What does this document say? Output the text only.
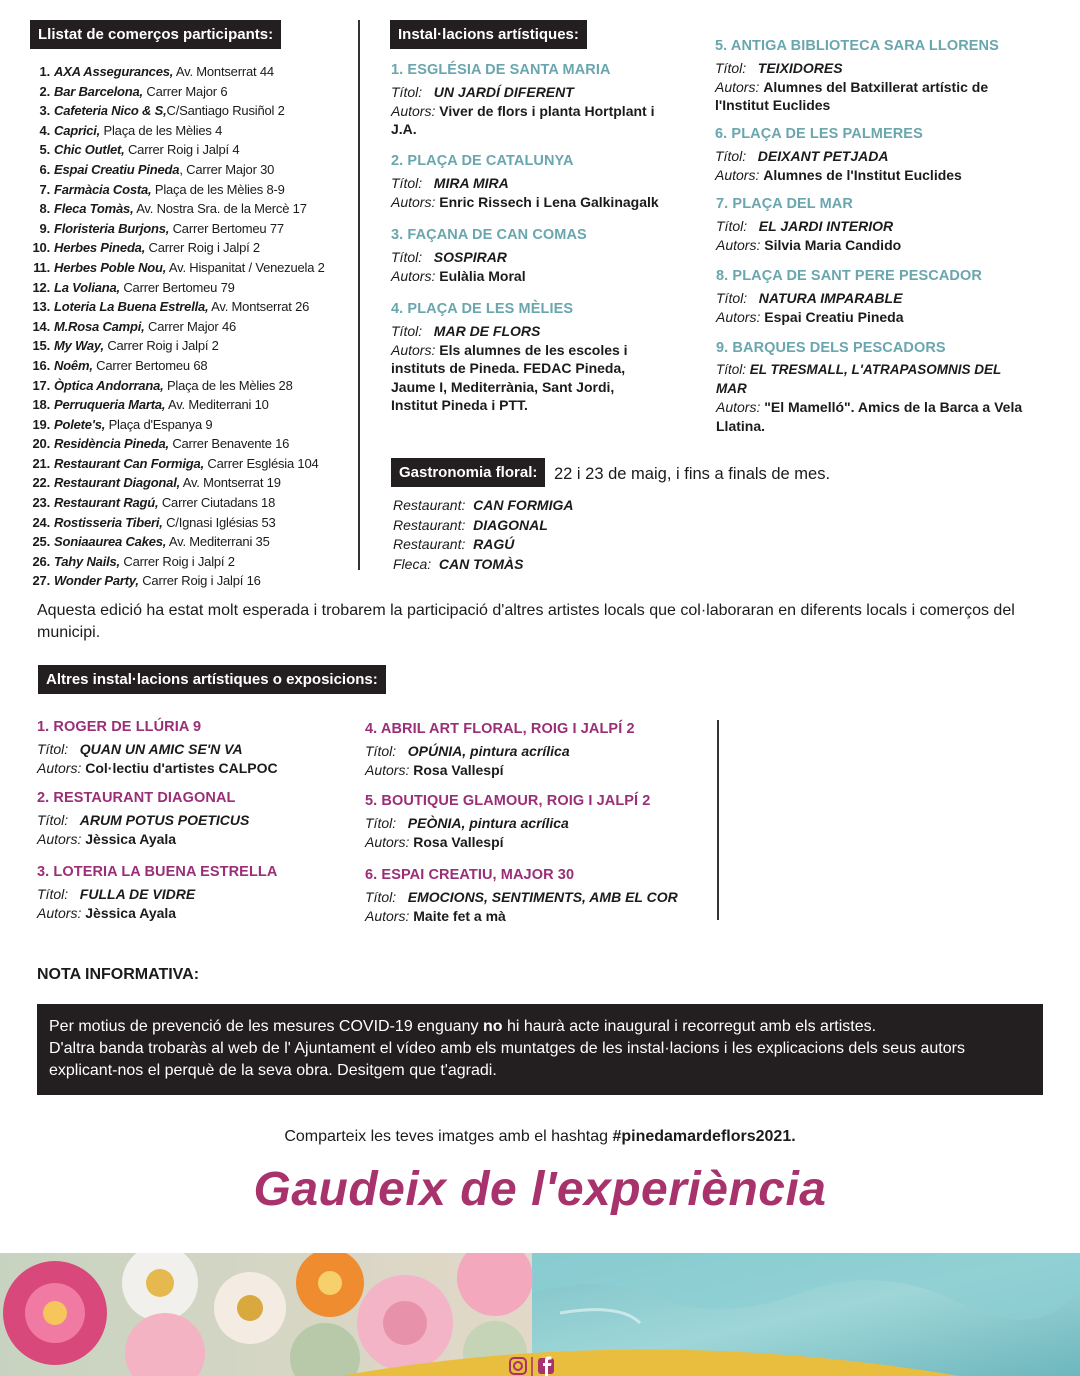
Llistat de comerços participants:	Instal·lacions artístiques:
1. AXA Assegurances, Av. Montserrat 44
2. Bar Barcelona, Carrer Major 6
3. Cafeteria Nico & S,C/Santiago Rusiñol 2
4. Caprici, Plaça de les Mèlies 4
5. Chic Outlet, Carrer Roig i Jalpí 4
6. Espai Creatiu Pineda, Carrer Major 30
7. Farmàcia Costa, Plaça de les Mèlies 8-9
8. Fleca Tomàs, Av. Nostra Sra. de la Mercè 17
9. Floristeria Burjons, Carrer Bertomeu 77
10. Herbes Pineda, Carrer Roig i Jalpí 2
11. Herbes Poble Nou, Av. Hispanitat / Venezuela 2
12. La Voliana, Carrer Bertomeu 79
13. Loteria La Buena Estrella, Av. Montserrat 26
14. M.Rosa Campi, Carrer Major 46
15. My Way, Carrer Roig i Jalpí 2
16. Noêm, Carrer Bertomeu 68
17. Òptica Andorrana, Plaça de les Mèlies 28
18. Perruqueria Marta, Av. Mediterrani 10
19. Polete's, Plaça d'Espanya 9
20. Residència Pineda, Carrer Benavente 16
21. Restaurant Can Formiga, Carrer Església 104
22. Restaurant Diagonal, Av. Montserrat 19
23. Restaurant Ragú, Carrer Ciutadans 18
24. Rostisseria Tiberi, C/Ignasi Iglésias 53
25. Soniaaurea Cakes, Av. Mediterrani 35
26. Tahy Nails, Carrer Roig i Jalpí 2
27. Wonder Party, Carrer Roig i Jalpí 16
1. ESGLÉSIA DE SANTA MARIA
Títol: UN JARDÍ DIFERENT
Autors: Viver de flors i planta Hortplant i J.A.
2. PLAÇA DE CATALUNYA
Títol: MIRA MIRA
Autors: Enric Rissech i Lena Galkinagalk
3. FAÇANA DE CAN COMAS
Títol: SOSPIRAR
Autors: Eulàlia Moral
4. PLAÇA DE LES MÈLIES
Títol: MAR DE FLORS
Autors: Els alumnes de les escoles i instituts de Pineda. FEDAC Pineda, Jaume I, Mediterrània, Sant Jordi, Institut Pineda i PTT.
5. ANTIGA BIBLIOTECA SARA LLORENS
Títol: TEIXIDORES
Autors: Alumnes del Batxillerat artístic de l'Institut Euclides
6. PLAÇA DE LES PALMERES
Títol: DEIXANT PETJADA
Autors: Alumnes de l'Institut Euclides
7. PLAÇA DEL MAR
Títol: EL JARDI INTERIOR
Autors: Silvia Maria Candido
8. PLAÇA DE SANT PERE PESCADOR
Títol: NATURA IMPARABLE
Autors: Espai Creatiu Pineda
9. BARQUES DELS PESCADORS
Títol: EL TRESMALL, L'ATRAPASOMNIS DEL MAR
Autors: "El Mamelló". Amics de la Barca a Vela Llatina.
Gastronomia floral:	22 i 23 de maig, i fins a finals de mes.
Restaurant: CAN FORMIGA
Restaurant: DIAGONAL
Restaurant: RAGÚ
Fleca: CAN TOMÀS
Aquesta edició ha estat molt esperada i trobarem la participació d'altres artistes locals que col·laboraran en diferents locals i comerços del municipi.
Altres instal·lacions artístiques o exposicions:
1. ROGER DE LLÚRIA 9
Títol: QUAN UN AMIC SE'N VA
Autors: Col·lectiu d'artistes CALPOC
2. RESTAURANT DIAGONAL
Títol: ARUM POTUS POETICUS
Autors: Jèssica Ayala
3. LOTERIA LA BUENA ESTRELLA
Títol: FULLA DE VIDRE
Autors: Jèssica Ayala
4. ABRIL ART FLORAL, ROIG I JALPÍ 2
Títol: OPÚNIA, pintura acrílica
Autors: Rosa Vallespí
5. BOUTIQUE GLAMOUR, ROIG I JALPÍ 2
Títol: PEÒNIA, pintura acrílica
Autors: Rosa Vallespí
6. ESPAI CREATIU, MAJOR 30
Títol: EMOCIONS, SENTIMENTS, AMB EL COR
Autors: Maite fet a mà
NOTA INFORMATIVA:
Per motius de prevenció de les mesures COVID-19 enguany no hi haurà acte inaugural i recorregut amb els artistes.
D'altra banda trobaràs al web de l' Ajuntament el vídeo amb els muntatges de les instal·lacions i les explicacions dels seus autors explicant-nos el perquè de la seva obra. Desitgem que t'agradi.
Comparteix les teves imatges amb el hashtag #pinedamardeflors2021.
Gaudeix de l'experiència
